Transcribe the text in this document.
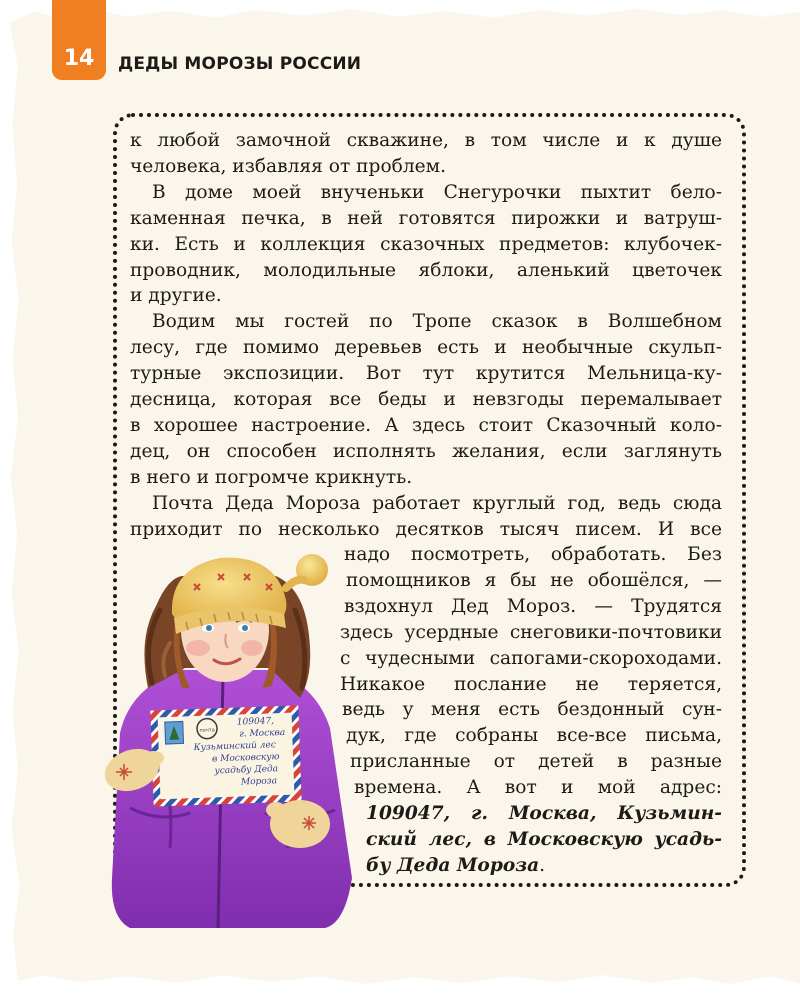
14	ДЕДЫ МОРОЗЫ РОССИИ
к любой замочной скважине, в том числе и к душе
человека, избавляя от проблем.
В доме моей внученьки Снегурочки пыхтит бело-
каменная печка, в ней готовятся пирожки и ватруш-
ки. Есть и коллекция сказочных предметов: клубочек-
проводник, молодильные яблоки, аленький цветочек
и другие.
Водим мы гостей по Тропе сказок в Волшебном
лесу, где помимо деревьев есть и необычные скульп-
турные экспозиции. Вот тут крутится Мельница-ку-
десница, которая все беды и невзгоды перемалывает
в хорошее настроение. А здесь стоит Сказочный коло-
дец, он способен исполнять желания, если заглянуть
в него и погромче крикнуть.
Почта Деда Мороза работает круглый год, ведь сюда
приходит по несколько десятков тысяч писем. И все
надо посмотреть, обработать. Без
помощников я бы не обошёлся, —
вздохнул Дед Мороз. — Трудятся
здесь усердные снеговики-почтовики
с чудесными сапогами-скороходами.
Никакое послание не теряется,
ведь у меня есть бездонный сун-
дук, где собраны все-все письма,
присланные от детей в разные
времена. А вот и мой адрес:
109047, г. Москва, Кузьмин-
ский лес, в Московскую усадь-
бу Деда Мороза.
почта
109047,
г. Москва
Кузьминский лес
в Московскую
усадьбу Деда
Мороза
